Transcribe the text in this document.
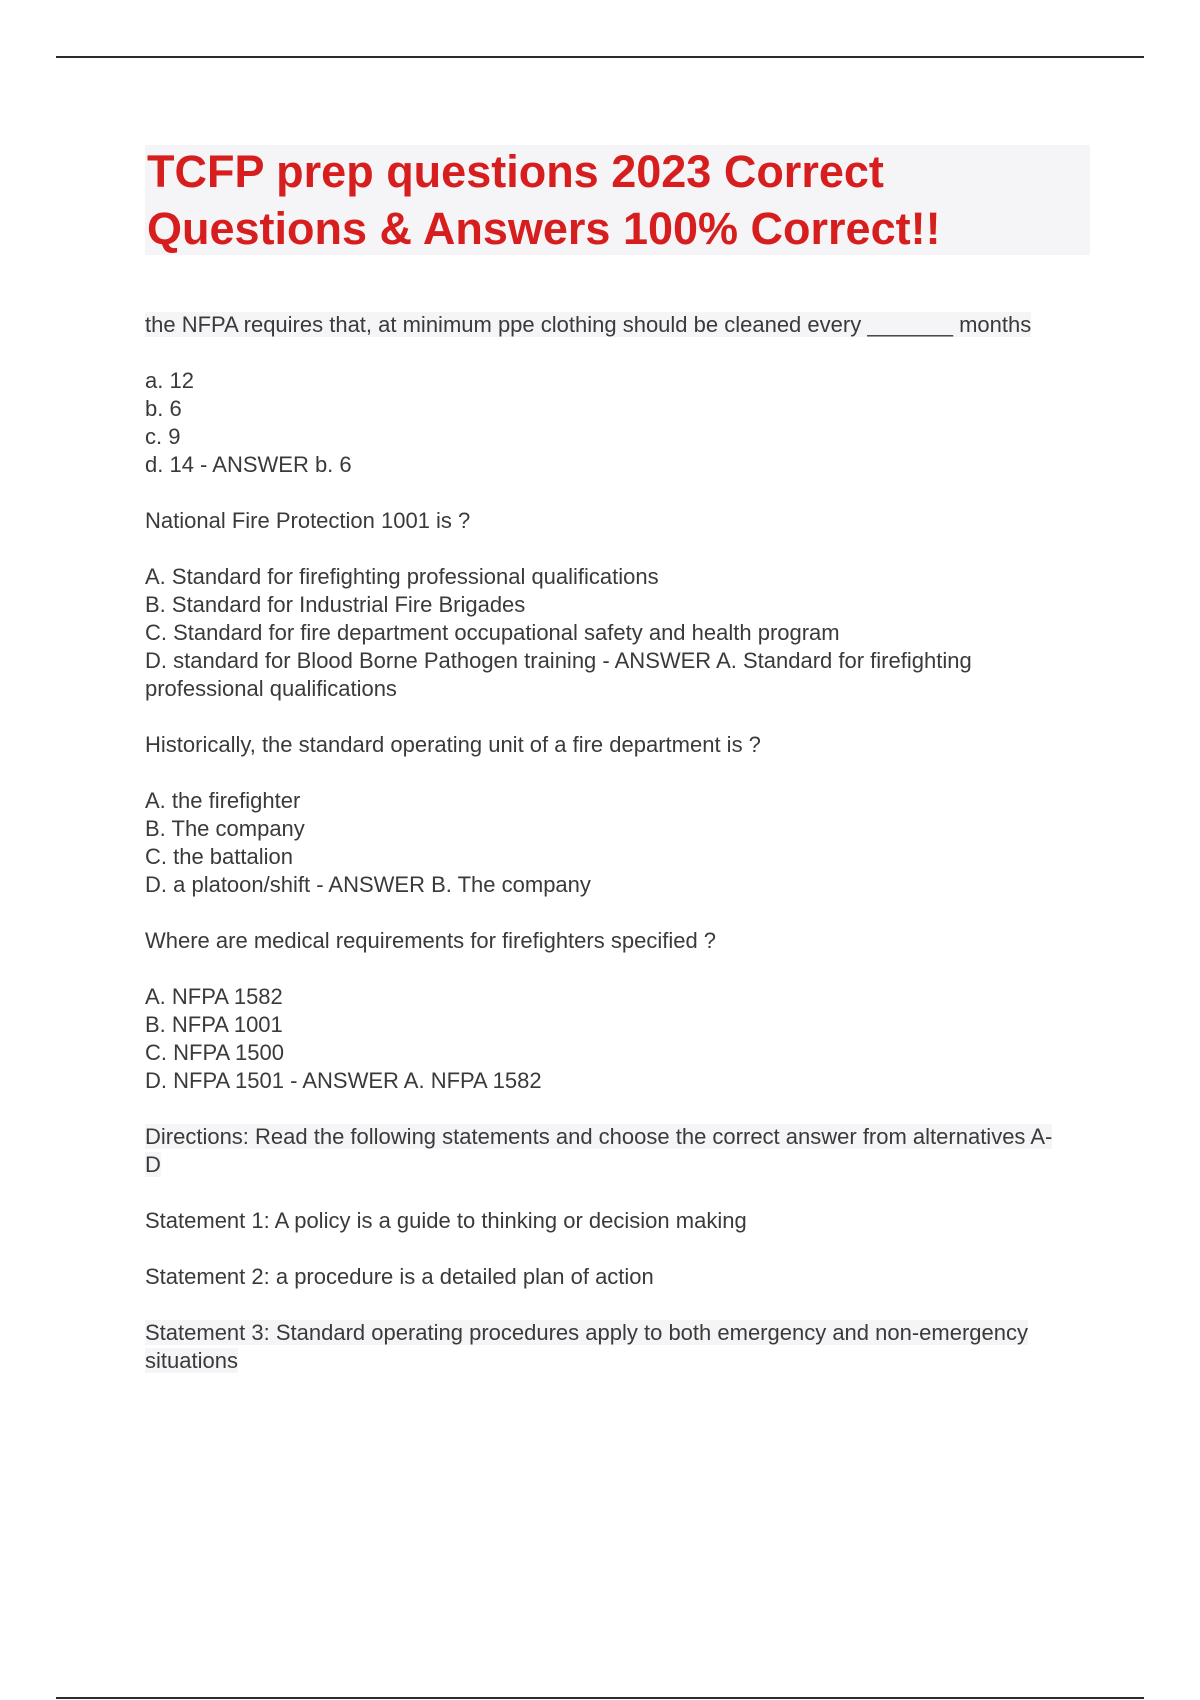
TCFP prep questions 2023 Correct Questions & Answers 100% Correct!!
the NFPA requires that, at minimum ppe clothing should be cleaned every _______ months
a. 12
b. 6
c. 9
d. 14 - ANSWER b. 6
National Fire Protection 1001 is ?
A. Standard for firefighting professional qualifications
B. Standard for Industrial Fire Brigades
C. Standard for fire department occupational safety and health program
D. standard for Blood Borne Pathogen training - ANSWER A. Standard for firefighting professional qualifications
Historically, the standard operating unit of a fire department is ?
A. the firefighter
B. The company
C. the battalion
D. a platoon/shift - ANSWER B. The company
Where are medical requirements for firefighters specified ?
A. NFPA 1582
B. NFPA 1001
C. NFPA 1500
D. NFPA 1501 - ANSWER A. NFPA 1582
Directions: Read the following statements and choose the correct answer from alternatives A-D
Statement 1: A policy is a guide to thinking or decision making
Statement 2: a procedure is a detailed plan of action
Statement 3: Standard operating procedures apply to both emergency and non-emergency situations
